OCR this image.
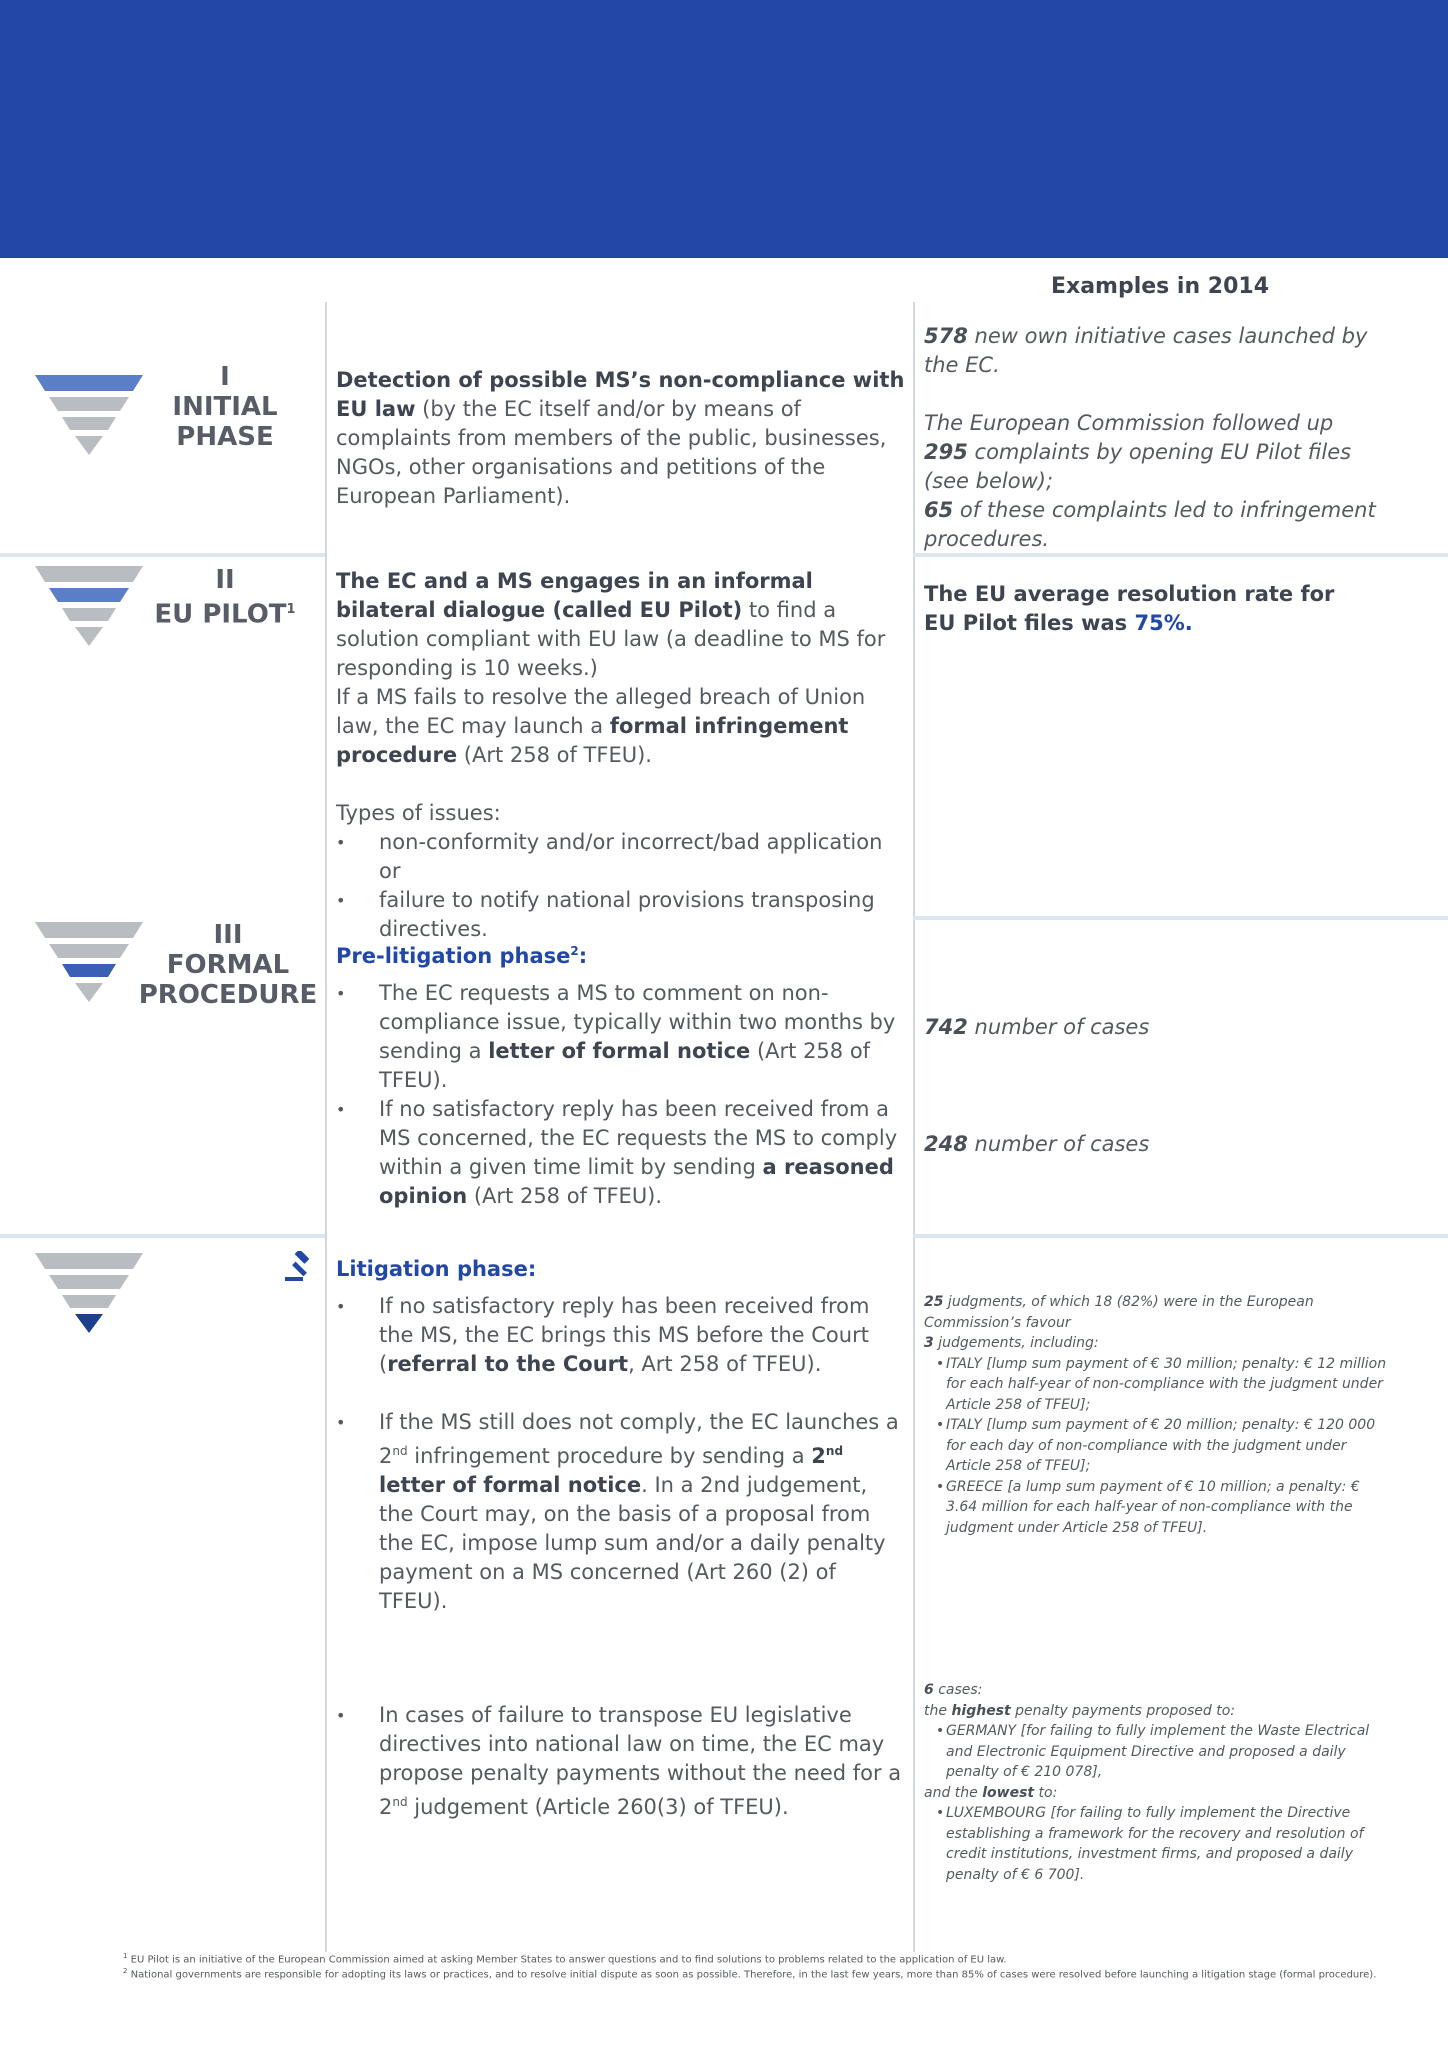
Examples in 2014
I
INITIAL
PHASE

Detection of possible MS’s non-compliance with EU law (by the EC itself and/or by means of complaints from members of the public, businesses, NGOs, other organisations and petitions of the European Parliament).

578 new own initiative cases launched by the EC.
The European Commission followed up
295 complaints by opening EU Pilot files (see below);
65 of these complaints led to infringement procedures.
II
EU PILOT$^1$

The EC and a MS engages in an informal bilateral dialogue (called EU Pilot) to find a solution compliant with EU law (a deadline to MS for responding is 10 weeks.)

The EU average resolution rate for EU Pilot files was 75%.

If a MS fails to resolve the alleged breach of Union law, the EC may launch a formal infringement procedure (Art 258 of TFEU).

Types of issues:

• non-conformity and/or incorrect/bad application or
• failure to notify national provisions transposing directives.
III
FORMAL
PROCEDURE

Pre-litigation phase$^2$:

• The EC requests a MS to comment on non-compliance issue, typically within two months by sending a letter of formal notice (Art 258 of TFEU).
• If no satisfactory reply has been received from a MS concerned, the EC requests the MS to comply within a given time limit by sending a reasoned opinion (Art 258 of TFEU).
742 number of cases
248 number of cases

Litigation phase:

• If no satisfactory reply has been received from the MS, the EC brings this MS before the Court (referral to the Court, Art 258 of TFEU).
• If the MS still does not comply, the EC launches a 2nd infringement procedure by sending a 2nd letter of formal notice. In a 2nd judgement, the Court may, on the basis of a proposal from the EC, impose lump sum and/or a daily penalty payment on a MS concerned (Art 260 (2) of TFEU).
• In cases of failure to transpose EU legislative directives into national law on time, the EC may propose penalty payments without the need for a 2nd judgement (Article 260(3) of TFEU).
25 judgments, of which 18 (82%) were in the European Commission’s favour
3 judgements, including:
• ITALY [lump sum payment of € 30 million; penalty: € 12 million for each half-year of non-compliance with the judgment under Article 258 of TFEU];
• ITALY [lump sum payment of € 20 million; penalty: € 120 000 for each day of non-compliance with the judgment under Article 258 of TFEU];
• GREECE [a lump sum payment of € 10 million; a penalty: € 3.64 million for each half-year of non-compliance with the judgment under Article 258 of TFEU].
6 cases:
the highest penalty payments proposed to:
• GERMANY [for failing to fully implement the Waste Electrical and Electronic Equipment Directive and proposed a daily penalty of € 210 078],
and the lowest to:
• LUXEMBOURG [for failing to fully implement the Directive establishing a framework for the recovery and resolution of credit institutions, investment firms, and proposed a daily penalty of € 6 700].
$^1$ EU Pilot is an initiative of the European Commission aimed at asking Member States to answer questions and to find solutions to problems related to the application of EU law.
$^2$ National governments are responsible for adopting its laws or practices, and to resolve initial dispute as soon as possible. Therefore, in the last few years, more than 85% of cases were resolved before launching a litigation stage (formal procedure).
